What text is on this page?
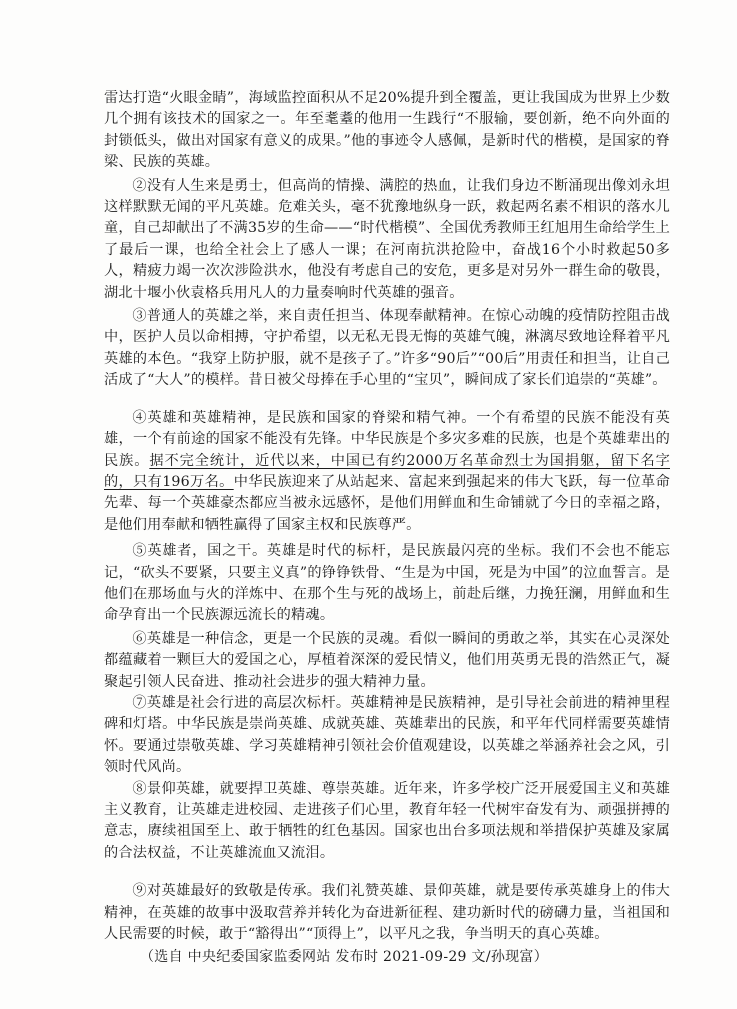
雷达打造“火眼金睛”，海域监控面积从不足20%提升到全覆盖，更让我国成为世界上少数几个拥有该技术的国家之一。年至耄耋的他用一生践行“不服输，要创新，绝不向外面的封锁低头，做出对国家有意义的成果。”他的事迹令人感佩，是新时代的楷模，是国家的脊梁、民族的英雄。

②没有人生来是勇士，但高尚的情操、满腔的热血，让我们身边不断涌现出像刘永坦这样默默无闻的平凡英雄。危难关头，毫不犹豫地纵身一跃，救起两名素不相识的落水儿童，自己却献出了不满35岁的生命——“时代楷模”、全国优秀教师王红旭用生命给学生上了最后一课，也给全社会上了感人一课；在河南抗洪抢险中，奋战16个小时救起50多人，精疲力竭一次次涉险洪水，他没有考虑自己的安危，更多是对另外一群生命的敬畏，湖北十堰小伙袁格兵用凡人的力量奏响时代英雄的强音。

③普通人的英雄之举，来自责任担当、体现奉献精神。在惊心动魄的疫情防控阻击战中，医护人员以命相搏，守护希望，以无私无畏无悔的英雄气魄，淋漓尽致地诠释着平凡英雄的本色。“我穿上防护服，就不是孩子了。”许多“90后”“00后”用责任和担当，让自己活成了“大人”的模样。昔日被父母捧在手心里的“宝贝”，瞬间成了家长们追崇的“英雄”。

④英雄和英雄精神，是民族和国家的脊梁和精气神。一个有希望的民族不能没有英雄，一个有前途的国家不能没有先锋。中华民族是个多灾多难的民族，也是个英雄辈出的民族。据不完全统计，近代以来，中国已有约2000万名革命烈士为国捐躯，留下名字的，只有196万名。中华民族迎来了从站起来、富起来到强起来的伟大飞跃，每一位革命先辈、每一个英雄豪杰都应当被永远感怀，是他们用鲜血和生命铺就了今日的幸福之路，是他们用奉献和牺牲赢得了国家主权和民族尊严。

⑤英雄者，国之干。英雄是时代的标杆，是民族最闪亮的坐标。我们不会也不能忘记，“砍头不要紧，只要主义真”的铮铮铁骨、“生是为中国，死是为中国”的泣血誓言。是他们在那场血与火的洋炼中、在那个生与死的战场上，前赴后继，力挽狂澜，用鲜血和生命孕育出一个民族源远流长的精魂。

⑥英雄是一种信念，更是一个民族的灵魂。看似一瞬间的勇敢之举，其实在心灵深处都蕴藏着一颗巨大的爱国之心，厚植着深深的爱民情义，他们用英勇无畏的浩然正气，凝聚起引领人民奋进、推动社会进步的强大精神力量。

⑦英雄是社会行进的高层次标杆。英雄精神是民族精神，是引导社会前进的精神里程碑和灯塔。中华民族是崇尚英雄、成就英雄、英雄辈出的民族，和平年代同样需要英雄情怀。要通过崇敬英雄、学习英雄精神引领社会价值观建设，以英雄之举涵养社会之风，引领时代风尚。

⑧景仰英雄，就要捍卫英雄、尊崇英雄。近年来，许多学校广泛开展爱国主义和英雄主义教育，让英雄走进校园、走进孩子们心里，教育年轻一代树牢奋发有为、顽强拼搏的意志，赓续祖国至上、敢于牺牲的红色基因。国家也出台多项法规和举措保护英雄及家属的合法权益，不让英雄流血又流泪。

⑨对英雄最好的致敬是传承。我们礼赞英雄、景仰英雄，就是要传承英雄身上的伟大精神，在英雄的故事中汲取营养并转化为奋进新征程、建功新时代的磅礴力量，当祖国和人民需要的时候，敢于“豁得出”“顶得上”，以平凡之我，争当明天的真心英雄。

（选自 中央纪委国家监委网站 发布时 2021-09-29 文/孙现富）
